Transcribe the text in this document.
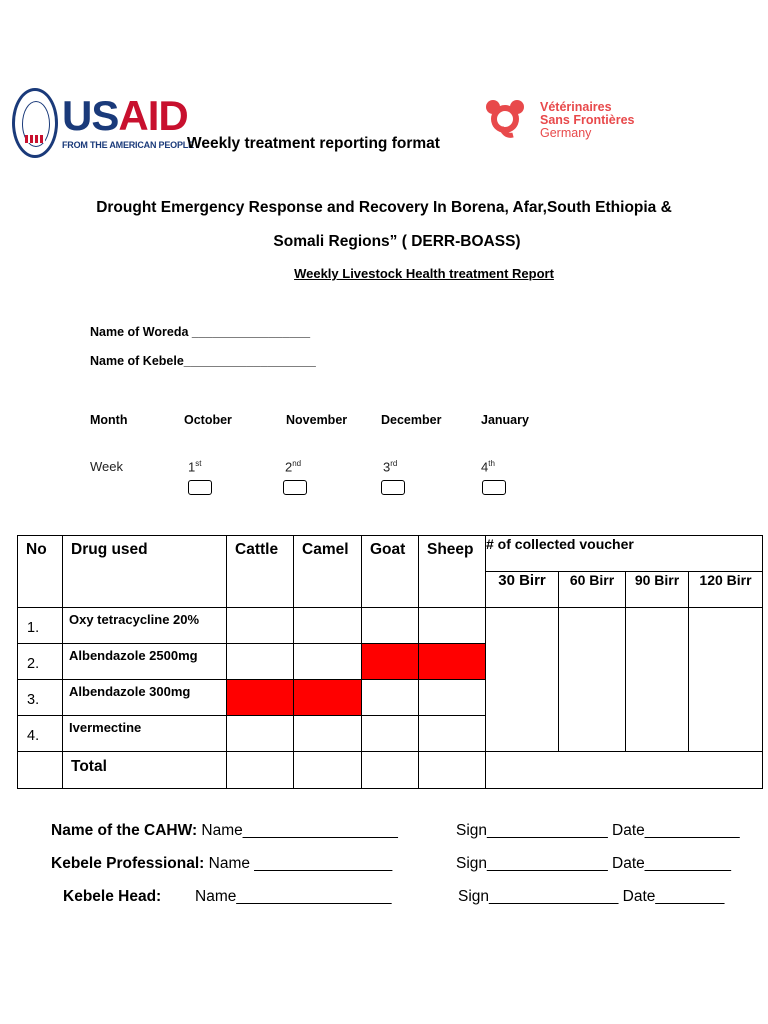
USAID
FROM THE AMERICAN PEOPLE
Vétérinaires
Sans Frontières
Germany
Weekly treatment reporting format
Drought Emergency Response and Recovery In Borena, Afar,South Ethiopia &
Somali Regions” ( DERR-BOASS)
Weekly Livestock Health treatment Report
Name of Woreda _________________
Name of Kebele___________________
Month	October	November	December	January
Week	1st	2nd	3rd	4th
No	Drug used	Cattle	Camel	Goat	Sheep	# of collected voucher			
						30 Birr	60 Birr	90 Birr	120 Birr
1.	Oxy tetracycline 20%								
2.	Albendazole 2500mg								
3.	Albendazole 300mg								
4.	Ivermectine								
	Total								
Name of the CAHW: Name__________________	Sign______________ Date___________
Kebele Professional: Name ________________	Sign______________ Date__________
Kebele Head: Name__________________	Sign_______________ Date________
